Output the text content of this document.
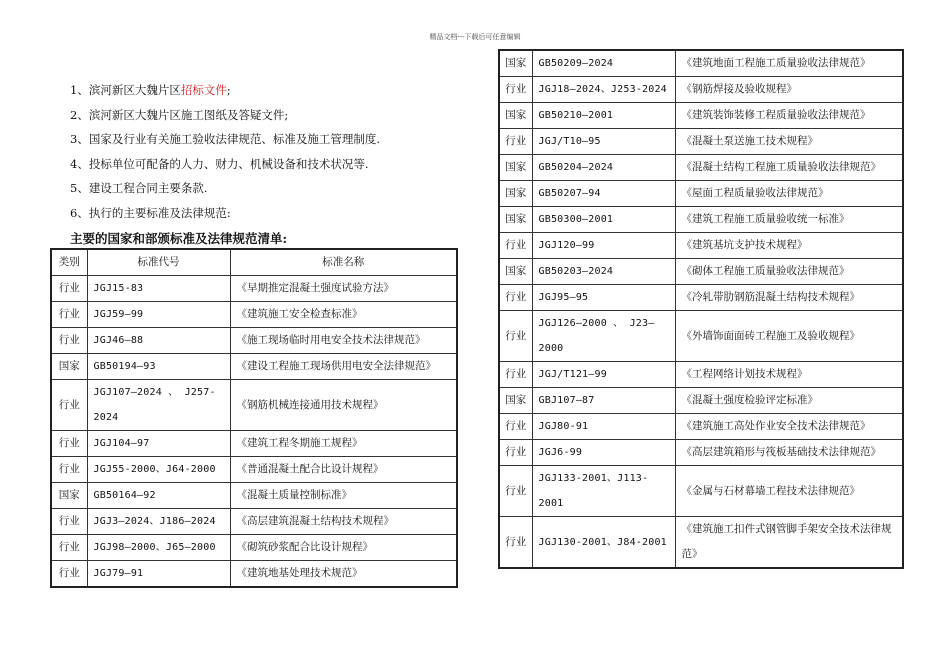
精品文档---下载后可任意编辑
1、滨河新区大魏片区招标文件;
2、滨河新区大魏片区施工图纸及答疑文件;
3、国家及行业有关施工验收法律规范、标准及施工管理制度.
4、投标单位可配备的人力、财力、机械设备和技术状况等.
5、建设工程合同主要条款.
6、执行的主要标准及法律规范:
主要的国家和部颁标准及法律规范清单:
类别	标准代号	标准名称
行业	JGJ15-83	《早期推定混凝土强度试验方法》
行业	JGJ59—99	《建筑施工安全检查标准》
行业	JGJ46—88	《施工现场临时用电安全技术法律规范》
国家	GB50194—93	《建设工程施工现场供用电安全法律规范》
行业	JGJ107—2024 、 J257-2024	《钢筋机械连接通用技术规程》
行业	JGJ104—97	《建筑工程冬期施工规程》
行业	JGJ55-2000、J64-2000	《普通混凝土配合比设计规程》
国家	GB50164—92	《混凝土质量控制标准》
行业	JGJ3—2024、J186—2024	《高层建筑混凝土结构技术规程》
行业	JGJ98—2000、J65—2000	《砌筑砂浆配合比设计规程》
行业	JGJ79—91	《建筑地基处理技术规范》
国家	GB50209—2024	《建筑地面工程施工质量验收法律规范》
行业	JGJ18—2024、J253-2024	《钢筋焊接及验收规程》
国家	GB50210—2001	《建筑装饰装修工程质量验收法律规范》
行业	JGJ/T10—95	《混凝土泵送施工技术规程》
国家	GB50204—2024	《混凝土结构工程施工质量验收法律规范》
国家	GB50207—94	《屋面工程质量验收法律规范》
国家	GB50300—2001	《建筑工程施工质量验收统一标准》
行业	JGJ120—99	《建筑基坑支护技术规程》
国家	GB50203—2024	《砌体工程施工质量验收法律规范》
行业	JGJ95—95	《冷轧带肋钢筋混凝土结构技术规程》
行业	JGJ126—2000 、 J23—2000	《外墙饰面面砖工程施工及验收规程》
行业	JGJ/T121—99	《工程网络计划技术规程》
国家	GBJ107—87	《混凝土强度检验评定标准》
行业	JGJ80-91	《建筑施工高处作业安全技术法律规范》
行业	JGJ6-99	《高层建筑箱形与筏板基础技术法律规范》
行业	JGJ133-2001、J113-2001	《金属与石材幕墙工程技术法律规范》
行业	JGJ130-2001、J84-2001	《建筑施工扣件式钢管脚手架安全技术法律规范》
